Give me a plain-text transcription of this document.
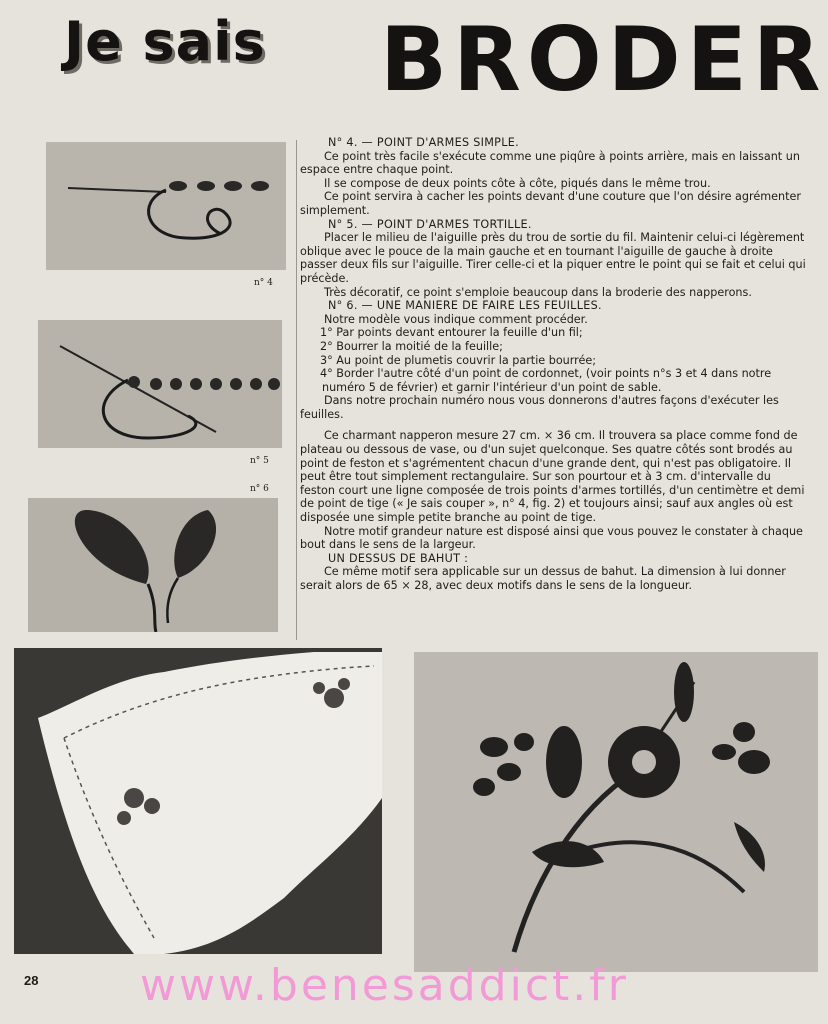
Je sais BRODER
n° 4
n° 5
n° 6

N° 4. — POINT D'ARMES SIMPLE.

Ce point très facile s'exécute comme une piqûre à points arrière, mais en laissant un espace entre chaque point.

Il se compose de deux points côte à côte, piqués dans le même trou.

Ce point servira à cacher les points devant d'une couture que l'on désire agrémenter simplement.

N° 5. — POINT D'ARMES TORTILLE.

Placer le milieu de l'aiguille près du trou de sortie du fil. Maintenir celui-ci légèrement oblique avec le pouce de la main gauche et en tournant l'aiguille de gauche à droite passer deux fils sur l'aiguille. Tirer celle-ci et la piquer entre le point qui se fait et celui qui précède.

Très décoratif, ce point s'emploie beaucoup dans la broderie des napperons.

N° 6. — UNE MANIERE DE FAIRE LES FEUILLES.

Notre modèle vous indique comment procéder.

1° Par points devant entourer la feuille d'un fil;

2° Bourrer la moitié de la feuille;

3° Au point de plumetis couvrir la partie bourrée;

4° Border l'autre côté d'un point de cordonnet, (voir points n°s 3 et 4 dans notre numéro 5 de février) et garnir l'intérieur d'un point de sable.

Dans notre prochain numéro nous vous donnerons d'autres façons d'exécuter les feuilles.

Ce charmant napperon mesure 27 cm. × 36 cm. Il trouvera sa place comme fond de plateau ou dessous de vase, ou d'un sujet quelconque. Ses quatre côtés sont brodés au point de feston et s'agrémentent chacun d'une grande dent, qui n'est pas obligatoire. Il peut être tout simplement rectangulaire. Sur son pourtour et à 3 cm. d'intervalle du feston court une ligne composée de trois points d'armes tortillés, d'un centimètre et demi de point de tige (« Je sais couper », n° 4, fig. 2) et toujours ainsi; sauf aux angles où est disposée une simple petite branche au point de tige.

Notre motif grandeur nature est disposé ainsi que vous pouvez le constater à chaque bout dans le sens de la largeur.

UN DESSUS DE BAHUT :

Ce même motif sera applicable sur un dessus de bahut. La dimension à lui donner serait alors de 65 × 28, avec deux motifs dans le sens de la longueur.

28 www.benesaddict.fr
